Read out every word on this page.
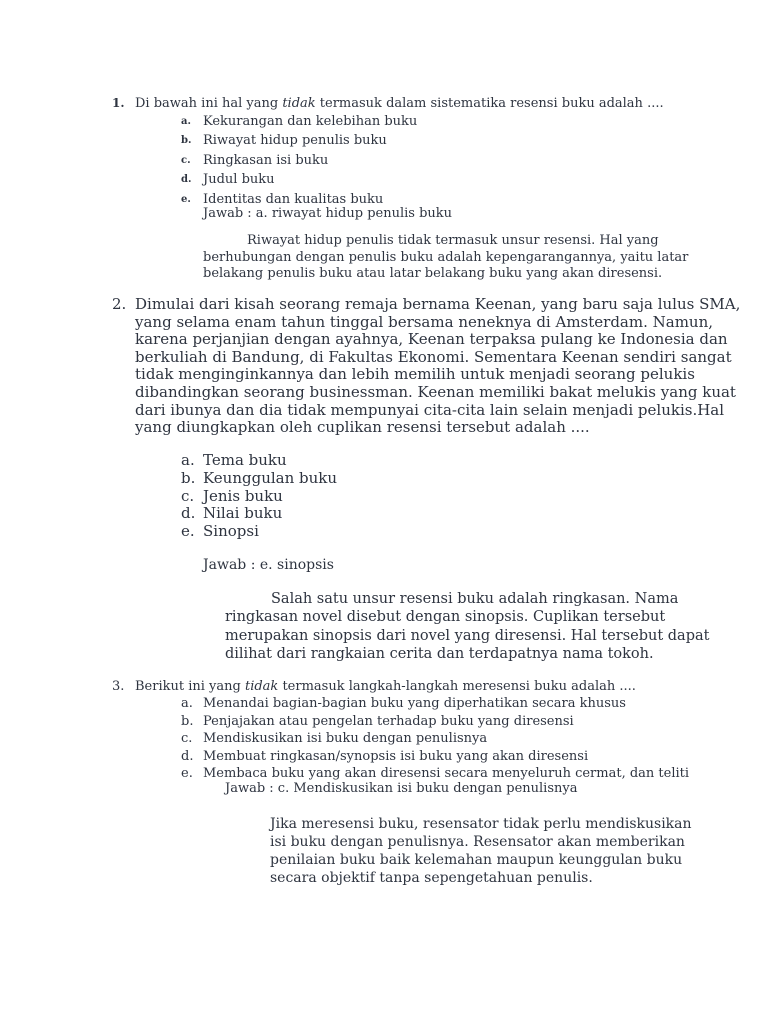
1. Di bawah ini hal yang tidak termasuk dalam sistematika resensi buku adalah ....
a. Kekurangan dan kelebihan buku
b. Riwayat hidup penulis buku
c. Ringkasan isi buku
d. Judul buku
e. Identitas dan kualitas buku
Jawab : a. riwayat hidup penulis buku
Riwayat hidup penulis tidak termasuk unsur resensi. Hal yang
berhubungan dengan penulis buku adalah kepengarangannya, yaitu latar
belakang penulis buku atau latar belakang buku yang akan diresensi.
2. Dimulai dari kisah seorang remaja bernama Keenan, yang baru saja lulus SMA,
yang selama enam tahun tinggal bersama neneknya di Amsterdam. Namun,
karena perjanjian dengan ayahnya, Keenan terpaksa pulang ke Indonesia dan
berkuliah di Bandung, di Fakultas Ekonomi. Sementara Keenan sendiri sangat
tidak menginginkannya dan lebih memilih untuk menjadi seorang pelukis
dibandingkan seorang businessman. Keenan memiliki bakat melukis yang kuat
dari ibunya dan dia tidak mempunyai cita-cita lain selain menjadi pelukis.Hal
yang diungkapkan oleh cuplikan resensi tersebut adalah ....
a. Tema buku
b. Keunggulan buku
c. Jenis buku
d. Nilai buku
e. Sinopsi
Jawab : e. sinopsis
Salah satu unsur resensi buku adalah ringkasan. Nama
ringkasan novel disebut dengan sinopsis. Cuplikan tersebut
merupakan sinopsis dari novel yang diresensi. Hal tersebut dapat
dilihat dari rangkaian cerita dan terdapatnya nama tokoh.
3. Berikut ini yang tidak termasuk langkah-langkah meresensi buku adalah ....
a. Menandai bagian-bagian buku yang diperhatikan secara khusus
b. Penjajakan atau pengelan terhadap buku yang diresensi
c. Mendiskusikan isi buku dengan penulisnya
d. Membuat ringkasan/synopsis isi buku yang akan diresensi
e. Membaca buku yang akan diresensi secara menyeluruh cermat, dan teliti
Jawab : c. Mendiskusikan isi buku dengan penulisnya
Jika meresensi buku, resensator tidak perlu mendiskusikan
isi buku dengan penulisnya. Resensator akan memberikan
penilaian buku baik kelemahan maupun keunggulan buku
secara objektif tanpa sepengetahuan penulis.
